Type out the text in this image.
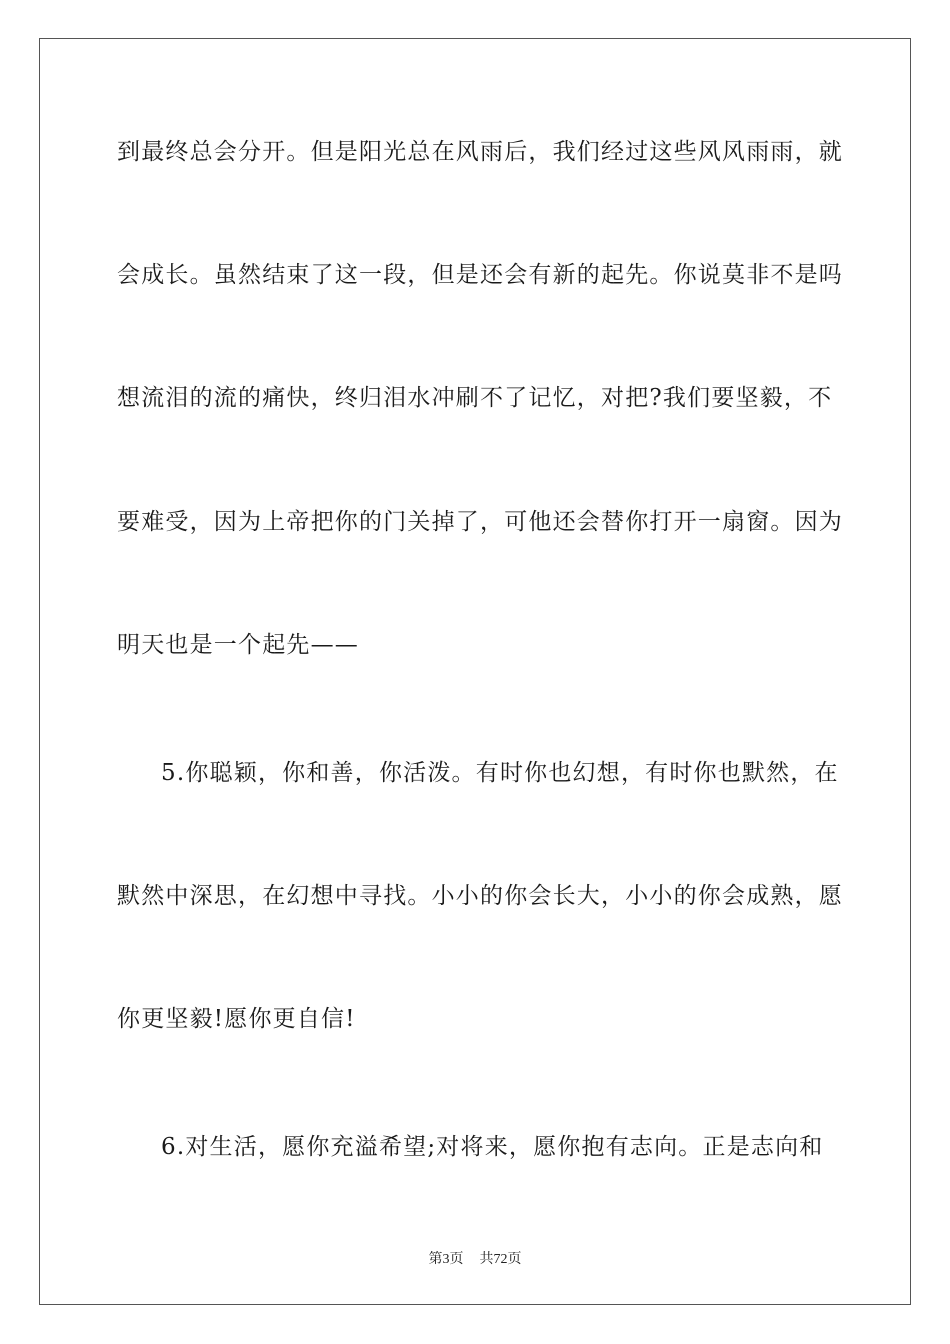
到最终总会分开。但是阳光总在风雨后，我们经过这些风风雨雨，就
会成长。虽然结束了这一段，但是还会有新的起先。你说莫非不是吗
想流泪的流的痛快，终归泪水冲刷不了记忆，对把?我们要坚毅，不
要难受，因为上帝把你的门关掉了，可他还会替你打开一扇窗。因为
明天也是一个起先——
5.你聪颖，你和善，你活泼。有时你也幻想，有时你也默然，在
默然中深思，在幻想中寻找。小小的你会长大，小小的你会成熟，愿
你更坚毅!愿你更自信!
6.对生活，愿你充溢希望;对将来，愿你抱有志向。正是志向和
第3页 共72页
